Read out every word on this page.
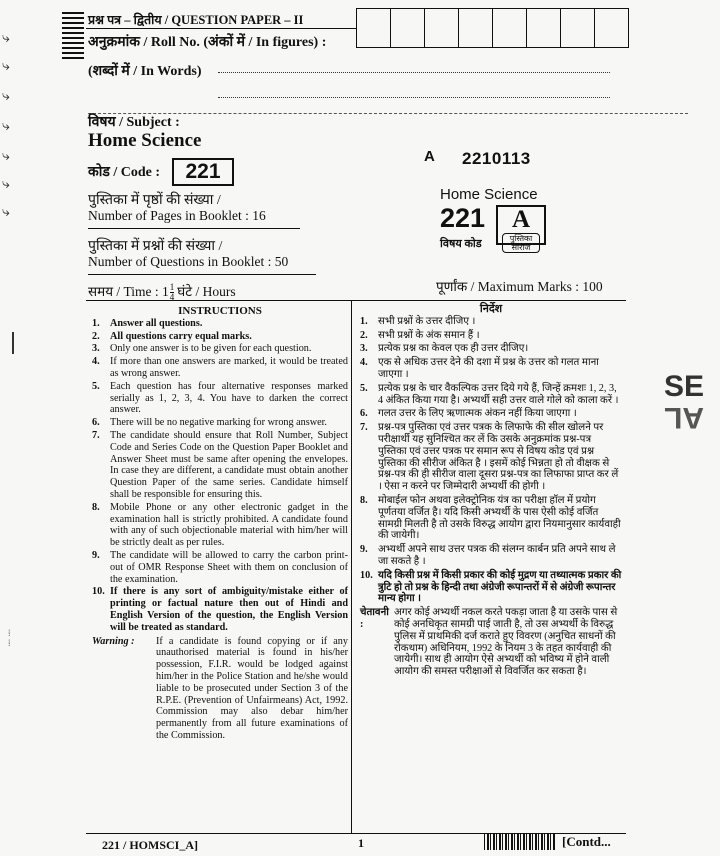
⤷
⤷
⤷
⤷
⤷
⤷
⤷
⁞
⁞
प्रश्न पत्र – द्वितीय / QUESTION PAPER – II
अनुक्रमांक / Roll No. (अंकों में / In figures) :
(शब्दों में / In Words)
विषय / Subject :
Home Science
कोड / Code :	221
A 2210113
पुस्तिका में पृष्ठों की संख्या /
Number of Pages in Booklet : 16
पुस्तिका में प्रश्नों की संख्या /
Number of Questions in Booklet : 50
Home Science
221
विषय कोड
A
पुस्तिका सीरीज
समय / Time : $1 \frac{1}{4}$ घंटे / Hours	पूर्णांक / Maximum Marks : 100
INSTRUCTIONS
1.	Answer all questions.
2.	All questions carry equal marks.
3.	Only one answer is to be given for each question.
4.	If more than one answers are marked, it would be treated as wrong answer.
5.	Each question has four alternative responses marked serially as 1, 2, 3, 4. You have to darken the correct answer.
6.	There will be no negative marking for wrong answer.
7.	The candidate should ensure that Roll Number, Subject Code and Series Code on the Question Paper Booklet and Answer Sheet must be same after opening the envelopes. In case they are different, a candidate must obtain another Question Paper of the same series. Candidate himself shall be responsible for ensuring this.
8.	Mobile Phone or any other electronic gadget in the examination hall is strictly prohibited. A candidate found with any of such objectionable material with him/her will be strictly dealt as per rules.
9.	The candidate will be allowed to carry the carbon print-out of OMR Response Sheet with them on conclusion of the examination.
10. If there is any sort of ambiguity/mistake either of printing or factual nature then out of Hindi and English Version of the question, the English Version will be treated as standard.
Warning :	If a candidate is found copying or if any unauthorised material is found in his/her possession, F.I.R. would be lodged against him/her in the Police Station and he/she would liable to be prosecuted under Section 3 of the R.P.E. (Prevention of Unfairmeans) Act, 1992. Commission may also debar him/her permanently from all future examinations of the Commission.
निर्देश
1.	सभी प्रश्नों के उत्तर दीजिए ।
2.	सभी प्रश्नों के अंक समान हैं ।
3.	प्रत्येक प्रश्न का केवल एक ही उत्तर दीजिए।
4.	एक से अधिक उत्तर देने की दशा में प्रश्न के उत्तर को गलत माना जाएगा ।
5.	प्रत्येक प्रश्न के चार वैकल्पिक उत्तर दिये गये हैं, जिन्हें क्रमशः 1, 2, 3, 4 अंकित किया गया है। अभ्यर्थी सही उत्तर वाले गोले को काला करें ।
6.	गलत उत्तर के लिए ऋणात्मक अंकन नहीं किया जाएगा ।
7.	प्रश्न-पत्र पुस्तिका एवं उत्तर पत्रक के लिफाफे की सील खोलने पर परीक्षार्थी यह सुनिश्चित कर लें कि उसके अनुक्रमांक प्रश्न-पत्र पुस्तिका एवं उत्तर पत्रक पर समान रूप से विषय कोड एवं प्रश्न पुस्तिका की सीरीज अंकित है । इसमें कोई भिन्नता हो तो वीक्षक से प्रश्न-पत्र की ही सीरीज वाला दूसरा प्रश्न-पत्र का लिफाफा प्राप्त कर लें । ऐसा न करने पर जिम्मेदारी अभ्यर्थी की होगी ।
8.	मोबाईल फोन अथवा इलेक्ट्रोनिक यंत्र का परीक्षा हॉल में प्रयोग पूर्णतया वर्जित है। यदि किसी अभ्यर्थी के पास ऐसी कोई वर्जित सामग्री मिलती है तो उसके विरुद्ध आयोग द्वारा नियमानुसार कार्यवाही की जायेगी।
9.	अभ्यर्थी अपने साथ उत्तर पत्रक की संलग्न कार्बन प्रति अपने साथ ले जा सकते है ।
10. यदि किसी प्रश्न में किसी प्रकार की कोई मुद्रण या तथ्यात्मक प्रकार की त्रुटि हो तो प्रश्न के हिन्दी तथा अंग्रेजी रूपान्तरों में से अंग्रेजी रूपान्तर मान्य होगा ।
चेतावनी :
अगर कोई अभ्यर्थी नकल करते पकड़ा जाता है या उसके पास से कोई अनधिकृत सामग्री पाई जाती है, तो उस अभ्यर्थी के विरुद्ध पुलिस में प्राथमिकी दर्ज कराते हुए विवरण (अनुचित साधनों की रोकथाम) अधिनियम, 1992 के नियम 3 के तहत कार्यवाही की जायेगी। साथ ही आयोग ऐसे अभ्यर्थी को भविष्य में होने वाली आयोग की समस्त परीक्षाओं से विवर्जित कर सकता है।
SE
AL
221 / HOMSCI_A]	1	[Contd...
